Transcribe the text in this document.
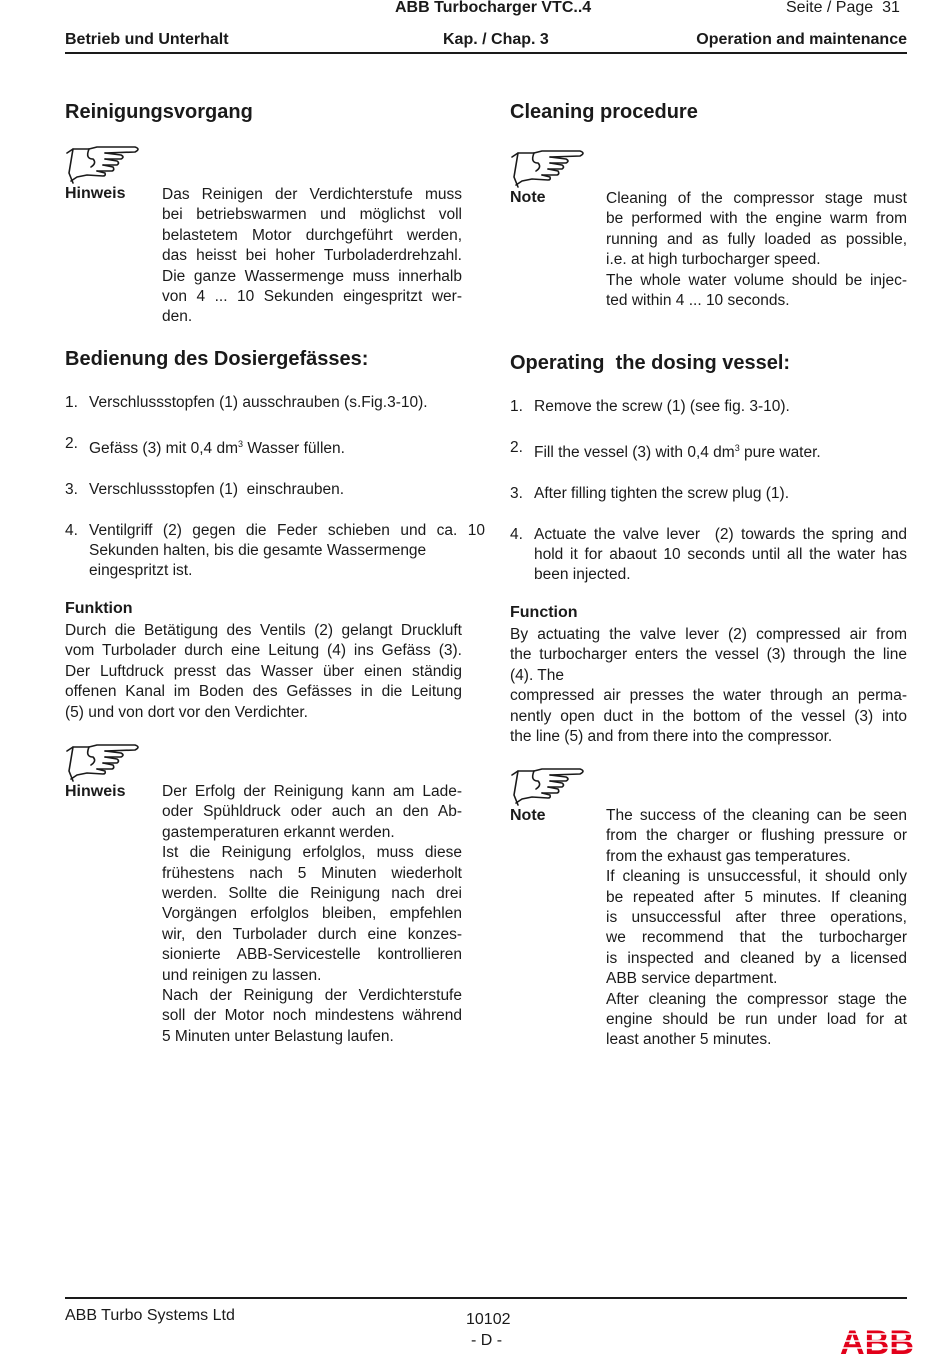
ABB Turbocharger VTC..4	Seite / Page  31
Betrieb und Unterhalt	Kap. / Chap. 3	Operation and maintenance
Reinigungsvorgang
Hinweis Das Reinigen der Verdichterstufe muss
bei betriebswarmen und möglichst voll
belastetem Motor durchgeführt werden,
das heisst bei hoher Turboladerdrehzahl.
Die ganze Wassermenge muss innerhalb
von 4 ... 10 Sekunden eingespritzt wer-
den.
Bedienung des Dosiergefässes:
1. Verschlussstopfen (1) ausschrauben (s.Fig.3-10).
2. Gefäss (3) mit 0,4 $dm^3$ Wasser füllen.
3. Verschlussstopfen (1)  einschrauben.
4. Ventilgriff (2) gegen die Feder schieben und ca. 10
Sekunden halten, bis die gesamte Wassermenge
eingespritzt ist.
Funktion
Durch die Betätigung des Ventils (2) gelangt Druckluft
vom Turbolader durch eine Leitung (4) ins Gefäss (3).
Der Luftdruck presst das Wasser über einen ständig
offenen Kanal im Boden des Gefässes in die Leitung
(5) und von dort vor den Verdichter.
Hinweis Der Erfolg der Reinigung kann am Lade-
oder Spühldruck oder auch an den Ab-
gastemperaturen erkannt werden.
Ist die Reinigung erfolglos, muss diese
frühestens nach 5 Minuten wiederholt
werden. Sollte die Reinigung nach drei
Vorgängen erfolglos bleiben, empfehlen
wir, den Turbolader durch eine konzes-
sionierte ABB-Servicestelle kontrollieren
und reinigen zu lassen.
Nach der Reinigung der Verdichterstufe
soll der Motor noch mindestens während
5 Minuten unter Belastung laufen.
Cleaning procedure
Note	Cleaning of the compressor stage must
be performed with the engine warm from
running and as fully loaded as possible,
i.e. at high turbocharger speed.
The whole water volume should be injec-
ted within 4 ... 10 seconds.
Operating  the dosing vessel:
1. Remove the screw (1) (see fig. 3-10).
2. Fill the vessel (3) with 0,4 $dm^3$ pure water.
3. After filling tighten the screw plug (1).
4. Actuate the valve lever  (2) towards the spring and
hold it for abaout 10 seconds until all the water has
been injected.
Function
By actuating the valve lever (2) compressed air from
the turbocharger enters the vessel (3) through the line
(4). The
compressed air presses the water through an perma-
nently open duct in the bottom of the vessel (3) into
the line (5) and from there into the compressor.
Note	The success of the cleaning can be seen
from the charger or flushing pressure or
from the exhaust gas temperatures.
If cleaning is unsuccessful, it should only
be repeated after 5 minutes. If cleaning
is unsuccessful after three operations,
we recommend that the turbocharger
is inspected and cleaned by a licensed
ABB service department.
After cleaning the compressor stage the
engine should be run under load for at
least another 5 minutes.
ABB Turbo Systems Ltd	10102
- D -	ABB
